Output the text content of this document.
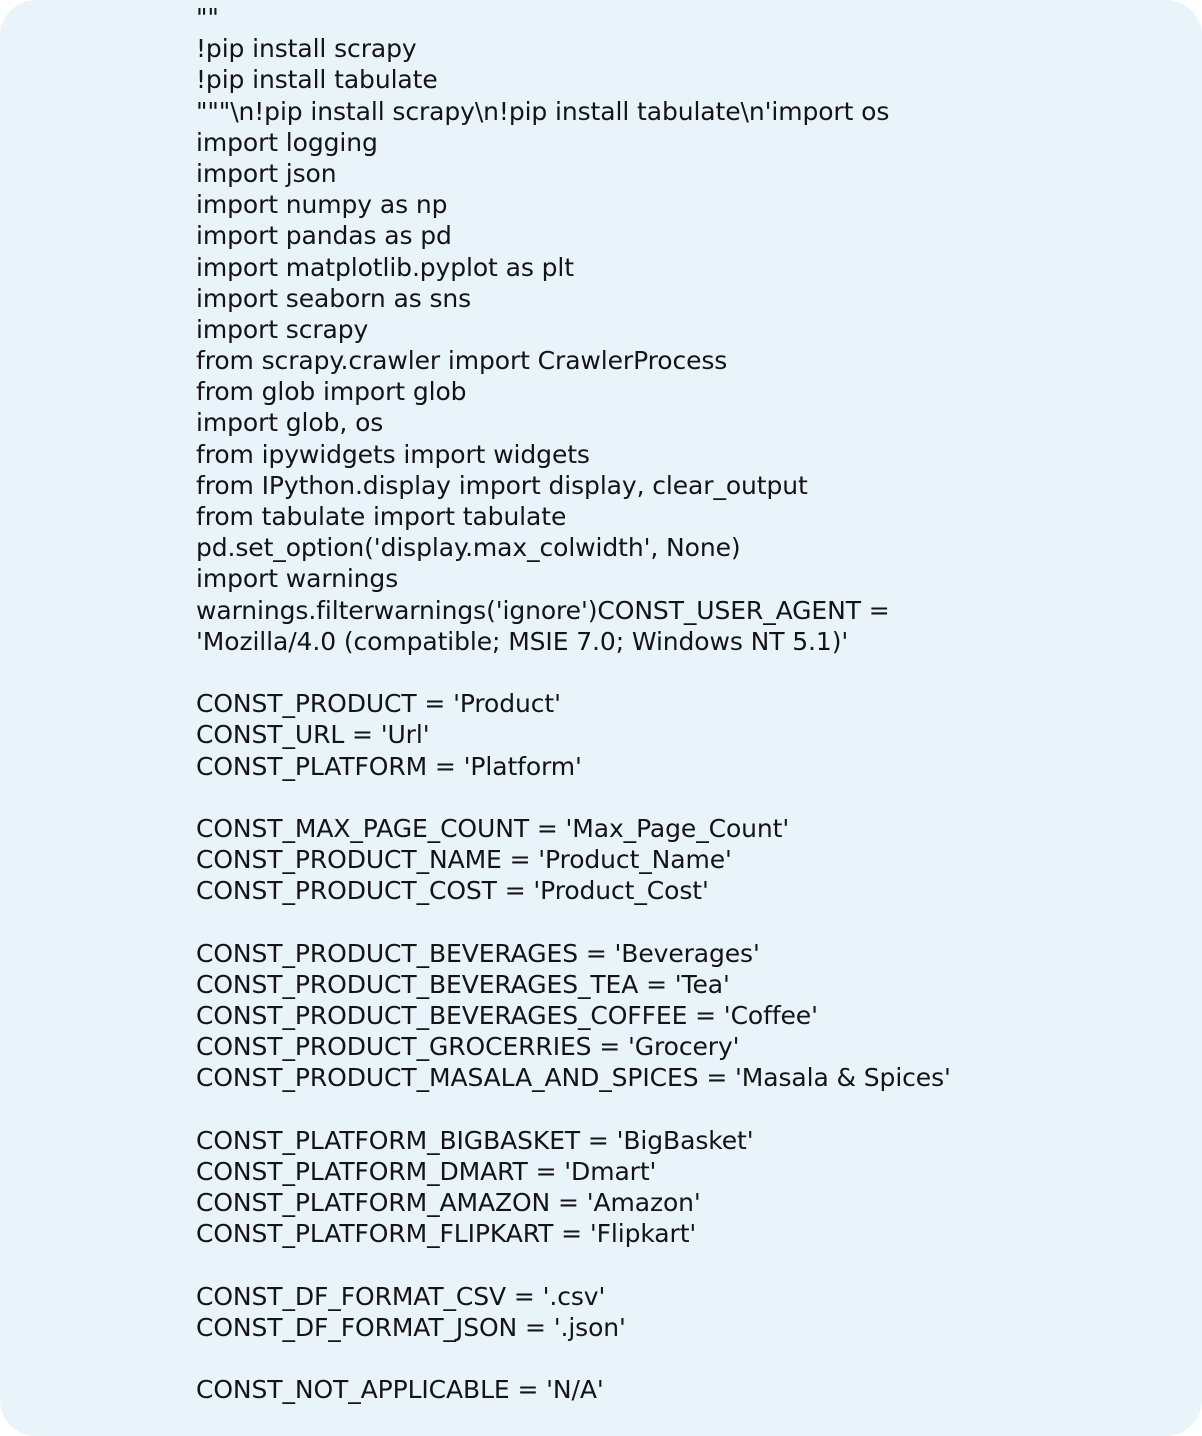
""
!pip install scrapy
!pip install tabulate
"""\n!pip install scrapy\n!pip install tabulate\n'import os
import logging
import json
import numpy as np
import pandas as pd
import matplotlib.pyplot as plt
import seaborn as sns
import scrapy
from scrapy.crawler import CrawlerProcess
from glob import glob
import glob, os
from ipywidgets import widgets
from IPython.display import display, clear_output
from tabulate import tabulate
pd.set_option('display.max_colwidth', None)
import warnings
warnings.filterwarnings('ignore')CONST_USER_AGENT =
'Mozilla/4.0 (compatible; MSIE 7.0; Windows NT 5.1)'
CONST_PRODUCT = 'Product'
CONST_URL = 'Url'
CONST_PLATFORM = 'Platform'
CONST_MAX_PAGE_COUNT = 'Max_Page_Count'
CONST_PRODUCT_NAME = 'Product_Name'
CONST_PRODUCT_COST = 'Product_Cost'
CONST_PRODUCT_BEVERAGES = 'Beverages'
CONST_PRODUCT_BEVERAGES_TEA = 'Tea'
CONST_PRODUCT_BEVERAGES_COFFEE = 'Coffee'
CONST_PRODUCT_GROCERRIES = 'Grocery'
CONST_PRODUCT_MASALA_AND_SPICES = 'Masala & Spices'
CONST_PLATFORM_BIGBASKET = 'BigBasket'
CONST_PLATFORM_DMART = 'Dmart'
CONST_PLATFORM_AMAZON = 'Amazon'
CONST_PLATFORM_FLIPKART = 'Flipkart'
CONST_DF_FORMAT_CSV = '.csv'
CONST_DF_FORMAT_JSON = '.json'
CONST_NOT_APPLICABLE = 'N/A'
